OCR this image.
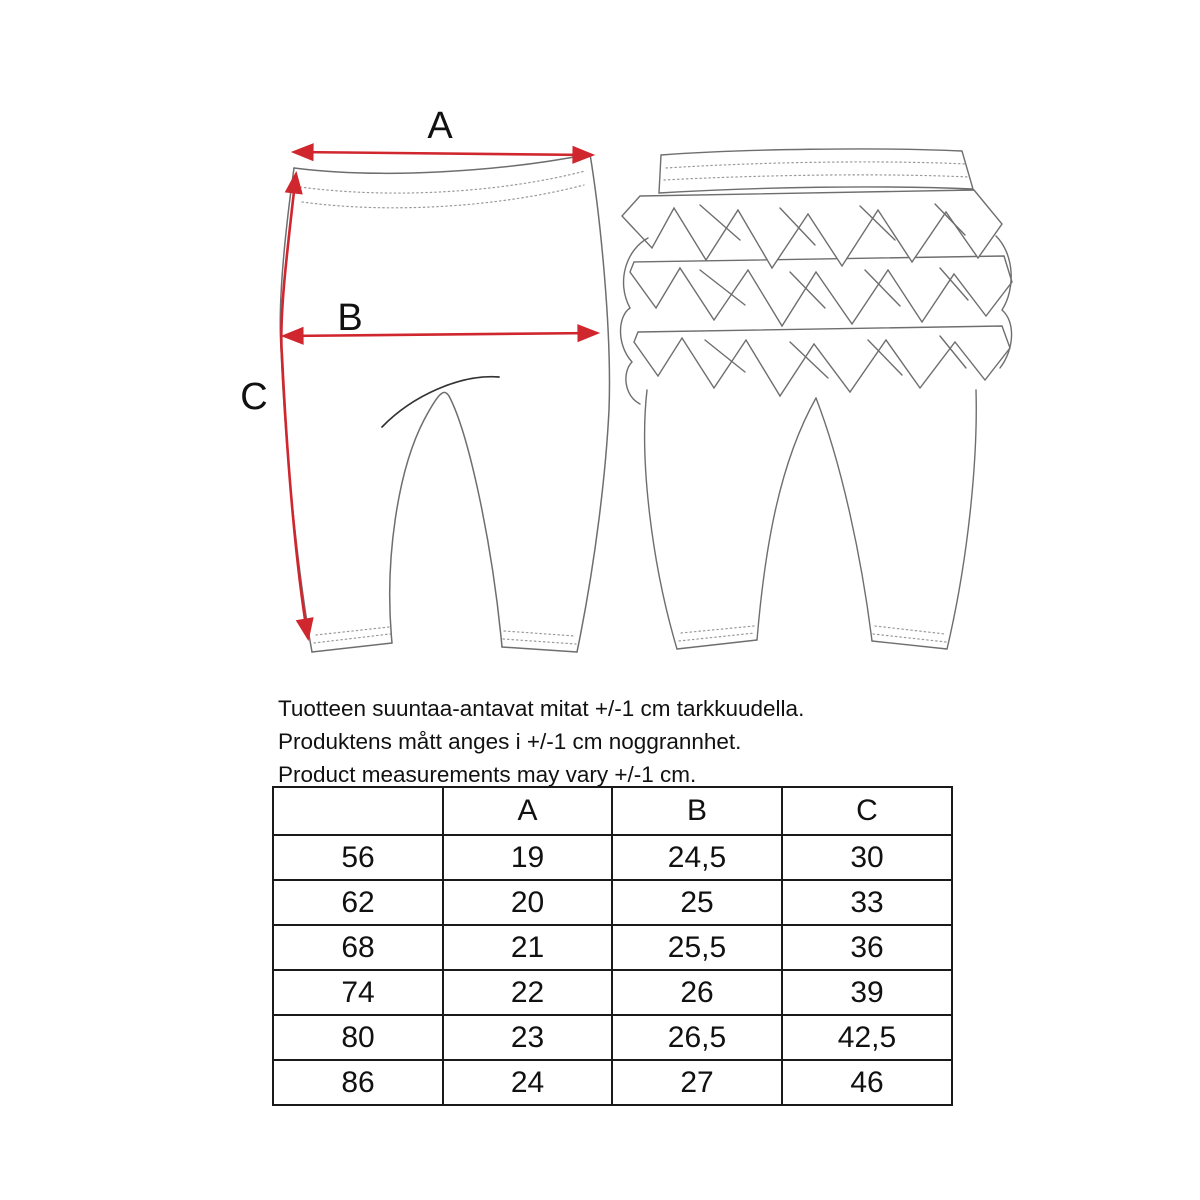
A
B
C
Tuotteen suuntaa-antavat mitat +/-1 cm tarkkuudella.
Produktens mått anges i +/-1 cm noggrannhet.
Product measurements may vary +/-1 cm.
	A	B	C
56	19	24,5	30
62	20	25	33
68	21	25,5	36
74	22	26	39
80	23	26,5	42,5
86	24	27	46
